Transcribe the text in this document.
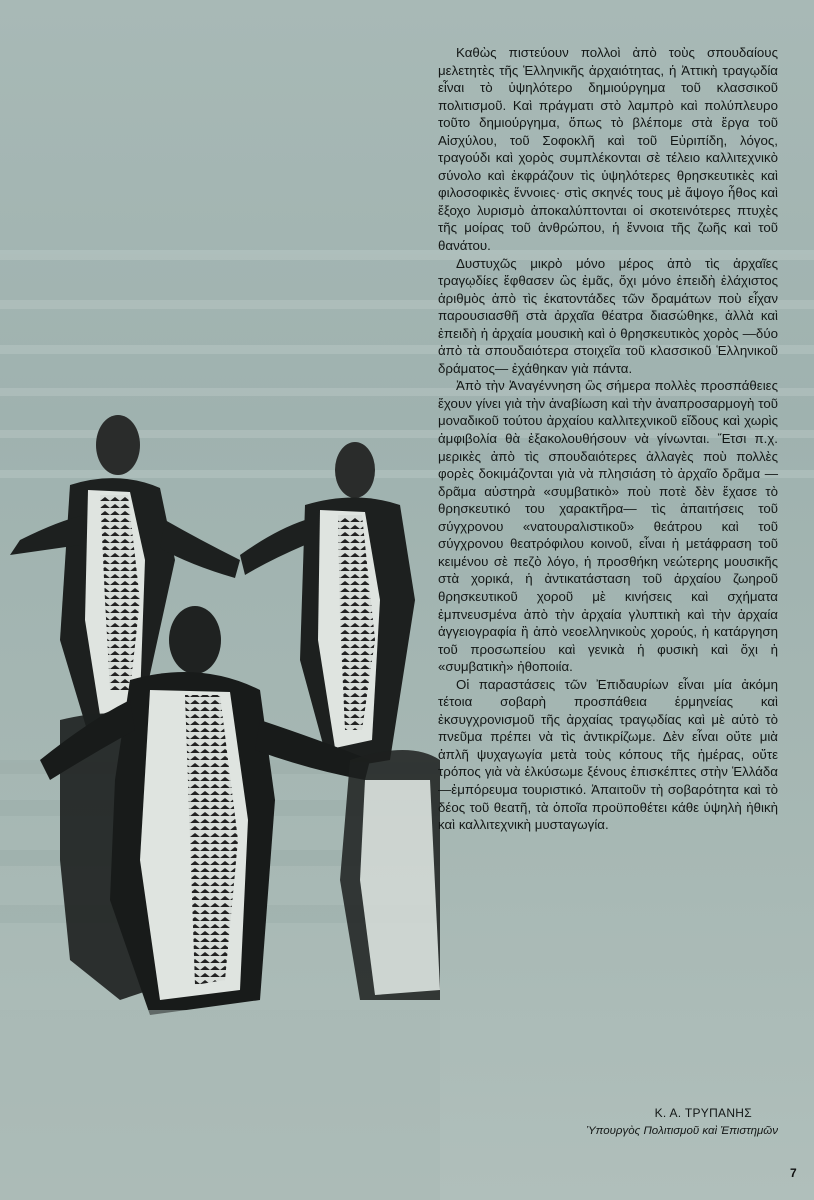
Καθὼς πιστεύουν πολλοὶ ἀπὸ τοὺς σπουδαίους μελετητὲς τῆς Ἑλληνικῆς ἀρχαιότητας, ἡ Ἀττικὴ τραγῳδία εἶναι τὸ ὑψηλότερο δημιούργημα τοῦ κλασσικοῦ πολιτισμοῦ. Καὶ πράγματι στὸ λαμπρὸ καὶ πολύπλευρο τοῦτο δημιούργημα, ὅπως τὸ βλέπομε στὰ ἔργα τοῦ Αἰσχύλου, τοῦ Σοφοκλῆ καὶ τοῦ Εὐριπίδη, λόγος, τραγούδι καὶ χορὸς συμπλέκονται σὲ τέλειο καλλιτεχνικὸ σύνολο καὶ ἐκφράζουν τὶς ὑψηλότερες θρησκευτικὲς καὶ φιλοσοφικὲς ἔννοιες· στὶς σκηνές τους μὲ ἄψογο ἦθος καὶ ἔξοχο λυρισμὸ ἀποκαλύπτονται οἱ σκοτεινότερες πτυχὲς τῆς μοίρας τοῦ ἀνθρώπου, ἡ ἔννοια τῆς ζωῆς καὶ τοῦ θανάτου.

Δυστυχῶς μικρὸ μόνο μέρος ἀπὸ τὶς ἀρχαῖες τραγῳδίες ἔφθασεν ὣς ἐμᾶς, ὄχι μόνο ἐπειδὴ ἐλάχιστος ἀριθμὸς ἀπὸ τὶς ἑκατοντάδες τῶν δραμάτων ποὺ εἶχαν παρουσιασθῆ στὰ ἀρχαῖα θέατρα διασώθηκε, ἀλλὰ καὶ ἐπειδὴ ἡ ἀρχαία μουσικὴ καὶ ὁ θρησκευτικὸς χορὸς —δύο ἀπὸ τὰ σπουδαιότερα στοιχεῖα τοῦ κλασσικοῦ Ἑλληνικοῦ δράματος— ἐχάθηκαν γιὰ πάντα.

Ἀπὸ τὴν Ἀναγέννηση ὣς σήμερα πολλὲς προσπάθειες ἔχουν γίνει γιὰ τὴν ἀναβίωση καὶ τὴν ἀναπροσαρμογὴ τοῦ μοναδικοῦ τούτου ἀρχαίου καλλιτεχνικοῦ εἴδους καὶ χωρὶς ἀμφιβολία θὰ ἐξακολουθήσουν νὰ γίνωνται. Ἔτσι π.χ. μερικὲς ἀπὸ τὶς σπουδαιότερες ἀλλαγὲς ποὺ πολλὲς φορὲς δοκιμάζονται γιὰ νὰ πλησιάση τὸ ἀρχαῖο δρᾶμα —δρᾶμα αὐστηρὰ «συμβατικὸ» ποὺ ποτὲ δὲν ἔχασε τὸ θρησκευτικό του χαρακτῆρα— τὶς ἀπαιτήσεις τοῦ σύγχρονου «νατουραλιστικοῦ» θεάτρου καὶ τοῦ σύγχρονου θεατρόφιλου κοινοῦ, εἶναι ἡ μετάφραση τοῦ κειμένου σὲ πεζὸ λόγο, ἡ προσθήκη νεώτερης μουσικῆς στὰ χορικά, ἡ ἀντικατάσταση τοῦ ἀρχαίου ζωηροῦ θρησκευτικοῦ χοροῦ μὲ κινήσεις καὶ σχήματα ἐμπνευσμένα ἀπὸ τὴν ἀρχαία γλυπτικὴ καὶ τὴν ἀρχαία ἀγγειογραφία ἢ ἀπὸ νεοελληνικοὺς χορούς, ἡ κατάργηση τοῦ προσωπείου καὶ γενικὰ ἡ φυσικὴ καὶ ὄχι ἡ «συμβατικὴ» ἠθοποιία.

Οἱ παραστάσεις τῶν Ἐπιδαυρίων εἶναι μία ἀκόμη τέτοια σοβαρὴ προσπάθεια ἑρμηνείας καὶ ἐκσυγχρονισμοῦ τῆς ἀρχαίας τραγῳδίας καὶ μὲ αὐτὸ τὸ πνεῦμα πρέπει νὰ τὶς ἀντικρίζωμε. Δὲν εἶναι οὔτε μιὰ ἁπλῆ ψυχαγωγία μετὰ τοὺς κόπους τῆς ἡμέρας, οὔτε τρόπος γιὰ νὰ ἑλκύσωμε ξένους ἐπισκέπτες στὴν Ἑλλάδα—ἐμπόρευμα τουριστικό. Ἀπαιτοῦν τὴ σοβαρότητα καὶ τὸ δέος τοῦ θεατῆ, τὰ ὁποῖα προϋποθέτει κάθε ὑψηλὴ ἠθικὴ καὶ καλλιτεχνικὴ μυσταγωγία.

Κ. Α. ΤΡΥΠΑΝΗΣ
Ὑπουργὸς Πολιτισμοῦ καὶ Ἐπιστημῶν
7
